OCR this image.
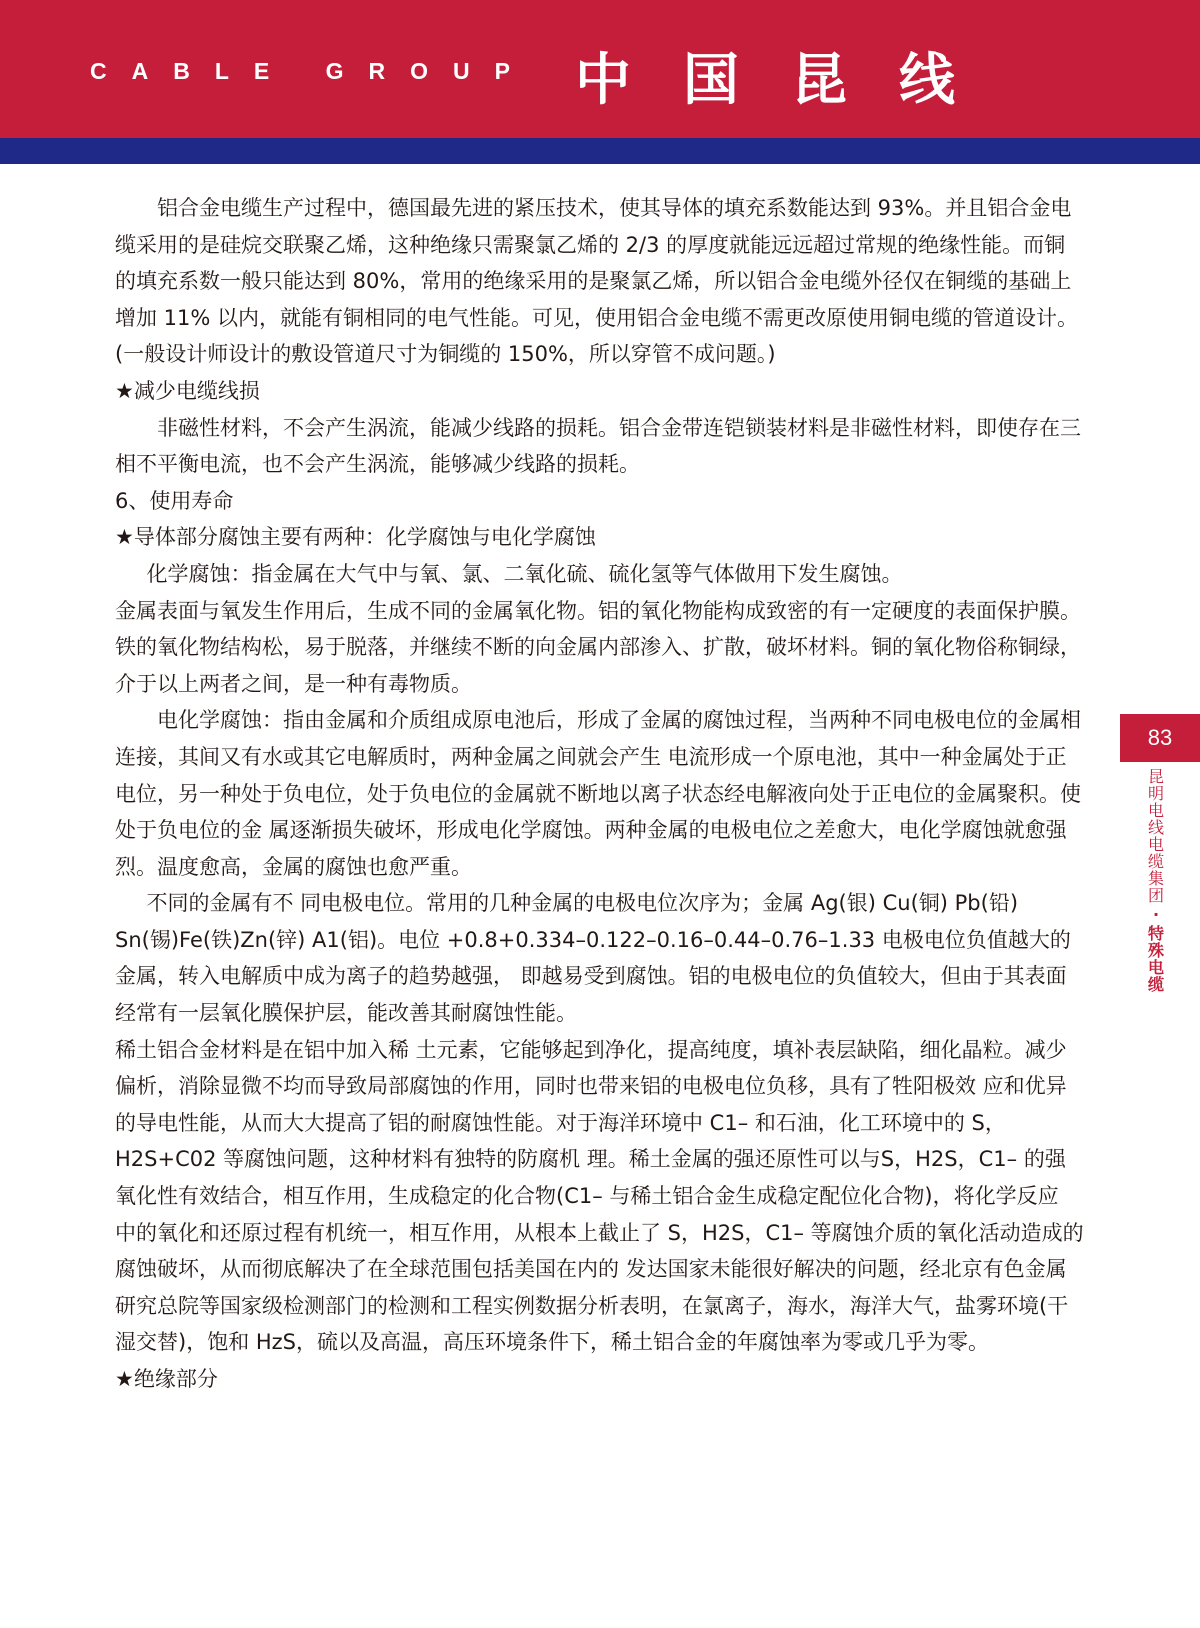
CABLE GROUP 中国昆线

铝合金电缆生产过程中，德国最先进的紧压技术，使其导体的填充系数能达到 93%。并且铝合金电缆采用的是硅烷交联聚乙烯，这种绝缘只需聚氯乙烯的 2/3 的厚度就能远远超过常规的绝缘性能。而铜的填充系数一般只能达到 80%，常用的绝缘采用的是聚氯乙烯，所以铝合金电缆外径仅在铜缆的基础上增加 11% 以内，就能有铜相同的电气性能。可见，使用铝合金电缆不需更改原使用铜电缆的管道设计。(一般设计师设计的敷设管道尺寸为铜缆的 150%，所以穿管不成问题。)

★减少电缆线损

非磁性材料，不会产生涡流，能减少线路的损耗。铝合金带连铠锁装材料是非磁性材料，即使存在三相不平衡电流，也不会产生涡流，能够减少线路的损耗。

6、使用寿命

★导体部分腐蚀主要有两种：化学腐蚀与电化学腐蚀

化学腐蚀：指金属在大气中与氧、氯、二氧化硫、硫化氢等气体做用下发生腐蚀。

金属表面与氧发生作用后，生成不同的金属氧化物。铝的氧化物能构成致密的有一定硬度的表面保护膜。铁的氧化物结构松，易于脱落，并继续不断的向金属内部渗入、扩散，破坏材料。铜的氧化物俗称铜绿，介于以上两者之间，是一种有毒物质。

电化学腐蚀：指由金属和介质组成原电池后，形成了金属的腐蚀过程，当两种不同电极电位的金属相连接，其间又有水或其它电解质时，两种金属之间就会产生 电流形成一个原电池，其中一种金属处于正电位，另一种处于负电位，处于负电位的金属就不断地以离子状态经电解液向处于正电位的金属聚积。使处于负电位的金 属逐渐损失破坏，形成电化学腐蚀。两种金属的电极电位之差愈大，电化学腐蚀就愈强烈。温度愈高，金属的腐蚀也愈严重。

不同的金属有不 同电极电位。常用的几种金属的电极电位次序为；金属 Ag(银) Cu(铜) Pb(铅) Sn(锡)Fe(铁)Zn(锌) A1(铝)。电位 +0.8+0.334–0.122–0.16–0.44–0.76–1.33 电极电位负值越大的金属，转入电解质中成为离子的趋势越强， 即越易受到腐蚀。铝的电极电位的负值较大，但由于其表面经常有一层氧化膜保护层，能改善其耐腐蚀性能。

稀土铝合金材料是在铝中加入稀 土元素，它能够起到净化，提高纯度，填补表层缺陷，细化晶粒。减少偏析，消除显微不均而导致局部腐蚀的作用，同时也带来铝的电极电位负移，具有了牲阳极效 应和优异的导电性能，从而大大提高了铝的耐腐蚀性能。对于海洋环境中 C1– 和石油，化工环境中的 S，H2S+C02 等腐蚀问题，这种材料有独特的防腐机 理。稀土金属的强还原性可以与S，H2S，C1– 的强氧化性有效结合，相互作用，生成稳定的化合物(C1– 与稀土铝合金生成稳定配位化合物)，将化学反应 中的氧化和还原过程有机统一，相互作用，从根本上截止了 S，H2S，C1– 等腐蚀介质的氧化活动造成的腐蚀破坏，从而彻底解决了在全球范围包括美国在内的 发达国家未能很好解决的问题，经北京有色金属研究总院等国家级检测部门的检测和工程实例数据分析表明，在氯离子，海水，海洋大气，盐雾环境(干湿交替)，饱和 HzS，硫以及高温，高压环境条件下，稀土铝合金的年腐蚀率为零或几乎为零。

★绝缘部分

83
昆明电线电缆集团
·
特殊电缆
